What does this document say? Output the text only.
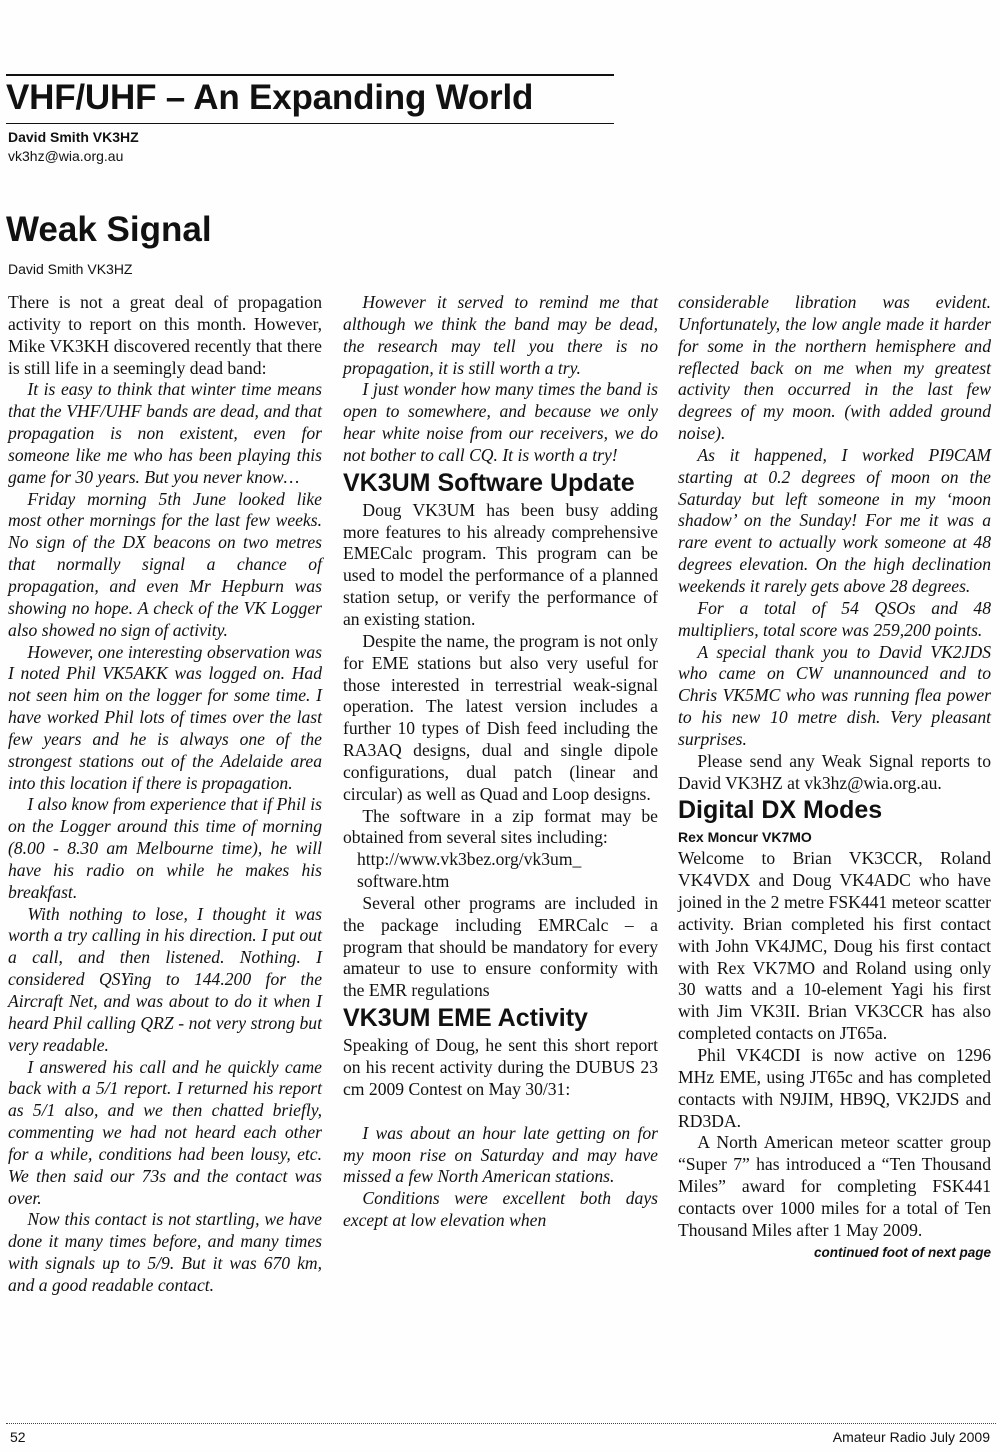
VHF/UHF – An Expanding World
David Smith VK3HZ
vk3hz@wia.org.au
Weak Signal
David Smith VK3HZ

There is not a great deal of propagation activity to report on this month. However, Mike VK3KH discovered recently that there is still life in a seemingly dead band:

It is easy to think that winter time means that the VHF/UHF bands are dead, and that propagation is non existent, even for someone like me who has been playing this game for 30 years. But you never know…

Friday morning 5th June looked like most other mornings for the last few weeks. No sign of the DX beacons on two metres that normally signal a chance of propagation, and even Mr Hepburn was showing no hope. A check of the VK Logger also showed no sign of activity.

However, one interesting observation was I noted Phil VK5AKK was logged on. Had not seen him on the logger for some time. I have worked Phil lots of times over the last few years and he is always one of the strongest stations out of the Adelaide area into this location if there is propagation.

I also know from experience that if Phil is on the Logger around this time of morning (8.00 - 8.30 am Melbourne time), he will have his radio on while he makes his breakfast.

With nothing to lose, I thought it was worth a try calling in his direction. I put out a call, and then listened. Nothing. I considered QSYing to 144.200 for the Aircraft Net, and was about to do it when I heard Phil calling QRZ - not very strong but very readable.

I answered his call and he quickly came back with a 5/1 report. I returned his report as 5/1 also, and we then chatted briefly, commenting we had not heard each other for a while, conditions had been lousy, etc. We then said our 73s and the contact was over.

Now this contact is not startling, we have done it many times before, and many times with signals up to 5/9. But it was 670 km, and a good readable contact.

However it served to remind me that although we think the band may be dead, the research may tell you there is no propagation, it is still worth a try.

I just wonder how many times the band is open to somewhere, and because we only hear white noise from our receivers, we do not bother to call CQ. It is worth a try!

VK3UM Software Update

Doug VK3UM has been busy adding more features to his already comprehensive EMECalc program. This program can be used to model the performance of a planned station setup, or verify the performance of an existing station.

Despite the name, the program is not only for EME stations but also very useful for those interested in terrestrial weak-signal operation. The latest version includes a further 10 types of Dish feed including the RA3AQ designs, dual and single dipole configurations, dual patch (linear and circular) as well as Quad and Loop designs.

The software in a zip format may be obtained from several sites including:

http://www.vk3bez.org/vk3um_ software.htm

Several other programs are included in the package including EMRCalc – a program that should be mandatory for every amateur to use to ensure conformity with the EMR regulations

VK3UM EME Activity

Speaking of Doug, he sent this short report on his recent activity during the DUBUS 23 cm 2009 Contest on May 30/31:

I was about an hour late getting on for my moon rise on Saturday and may have missed a few North American stations.

Conditions were excellent both days except at low elevation when

considerable libration was evident. Unfortunately, the low angle made it harder for some in the northern hemisphere and reflected back on me when my greatest activity then occurred in the last few degrees of my moon. (with added ground noise).

As it happened, I worked PI9CAM starting at 0.2 degrees of moon on the Saturday but left someone in my ‘moon shadow’ on the Sunday! For me it was a rare event to actually work someone at 48 degrees elevation. On the high declination weekends it rarely gets above 28 degrees.

For a total of 54 QSOs and 48 multipliers, total score was 259,200 points.

A special thank you to David VK2JDS who came on CW unannounced and to Chris VK5MC who was running flea power to his new 10 metre dish. Very pleasant surprises.

Please send any Weak Signal reports to David VK3HZ at vk3hz@wia.org.au.

Digital DX Modes
Rex Moncur VK7MO

Welcome to Brian VK3CCR, Roland VK4VDX and Doug VK4ADC who have joined in the 2 metre FSK441 meteor scatter activity. Brian completed his first contact with John VK4JMC, Doug his first contact with Rex VK7MO and Roland using only 30 watts and a 10-element Yagi his first with Jim VK3II. Brian VK3CCR has also completed contacts on JT65a.

Phil VK4CDI is now active on 1296 MHz EME, using JT65c and has completed contacts with N9JIM, HB9Q, VK2JDS and RD3DA.

A North American meteor scatter group “Super 7” has introduced a “Ten Thousand Miles” award for completing FSK441 contacts over 1000 miles for a total of Ten Thousand Miles after 1 May 2009.

continued foot of next page

52	Amateur Radio July 2009
